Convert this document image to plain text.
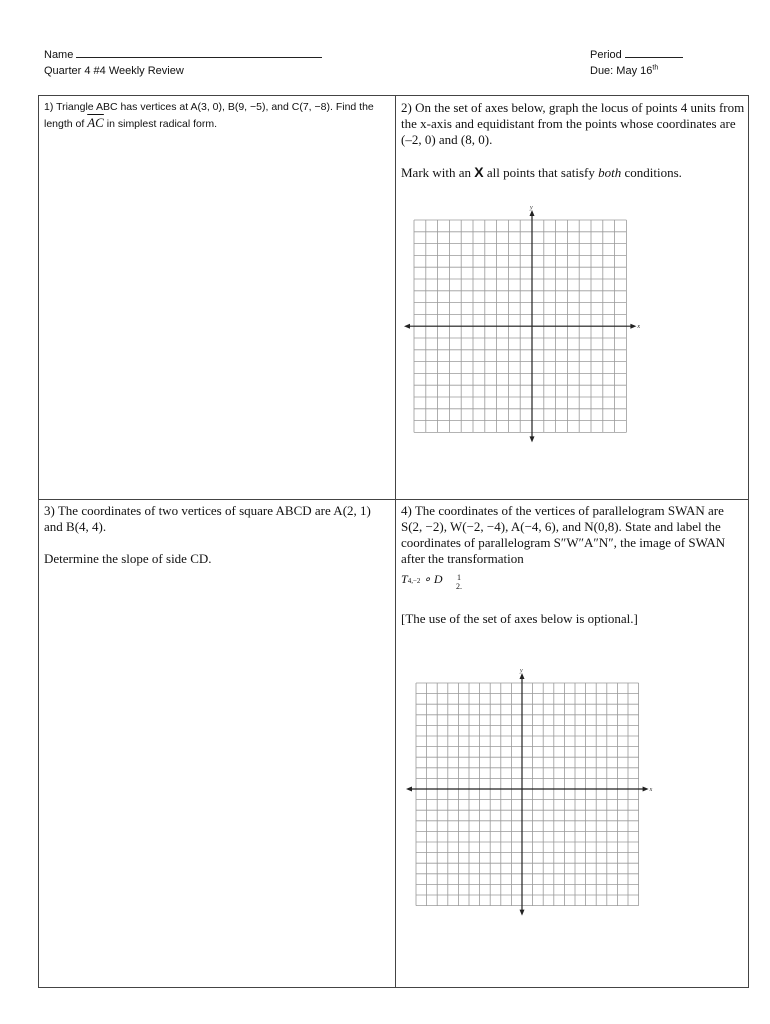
Name
Quarter 4 #4 Weekly Review
Period
Due: May 16th

1) Triangle ABC has vertices at A(3, 0), B(9, −5), and C(7, −8). Find the length of $\overline{AC}$ in simplest radical form.

2) On the set of axes below, graph the locus of points 4 units from the x-axis and equidistant from the points whose coordinates are (–2, 0) and (8, 0).

Mark with an X all points that satisfy both conditions.

y
x

3) The coordinates of two vertices of square ABCD are A(2, 1) and B(4, 4).

Determine the slope of side CD.

4) The coordinates of the vertices of parallelogram SWAN are S(2, −2), W(−2, −4), A(−4, 6), and N(0,8). State and label the coordinates of parallelogram S″W″A″N″, the image of SWAN after the transformation

T4,−2 ∘ D 1
2.

[The use of the set of axes below is optional.]

y
x
